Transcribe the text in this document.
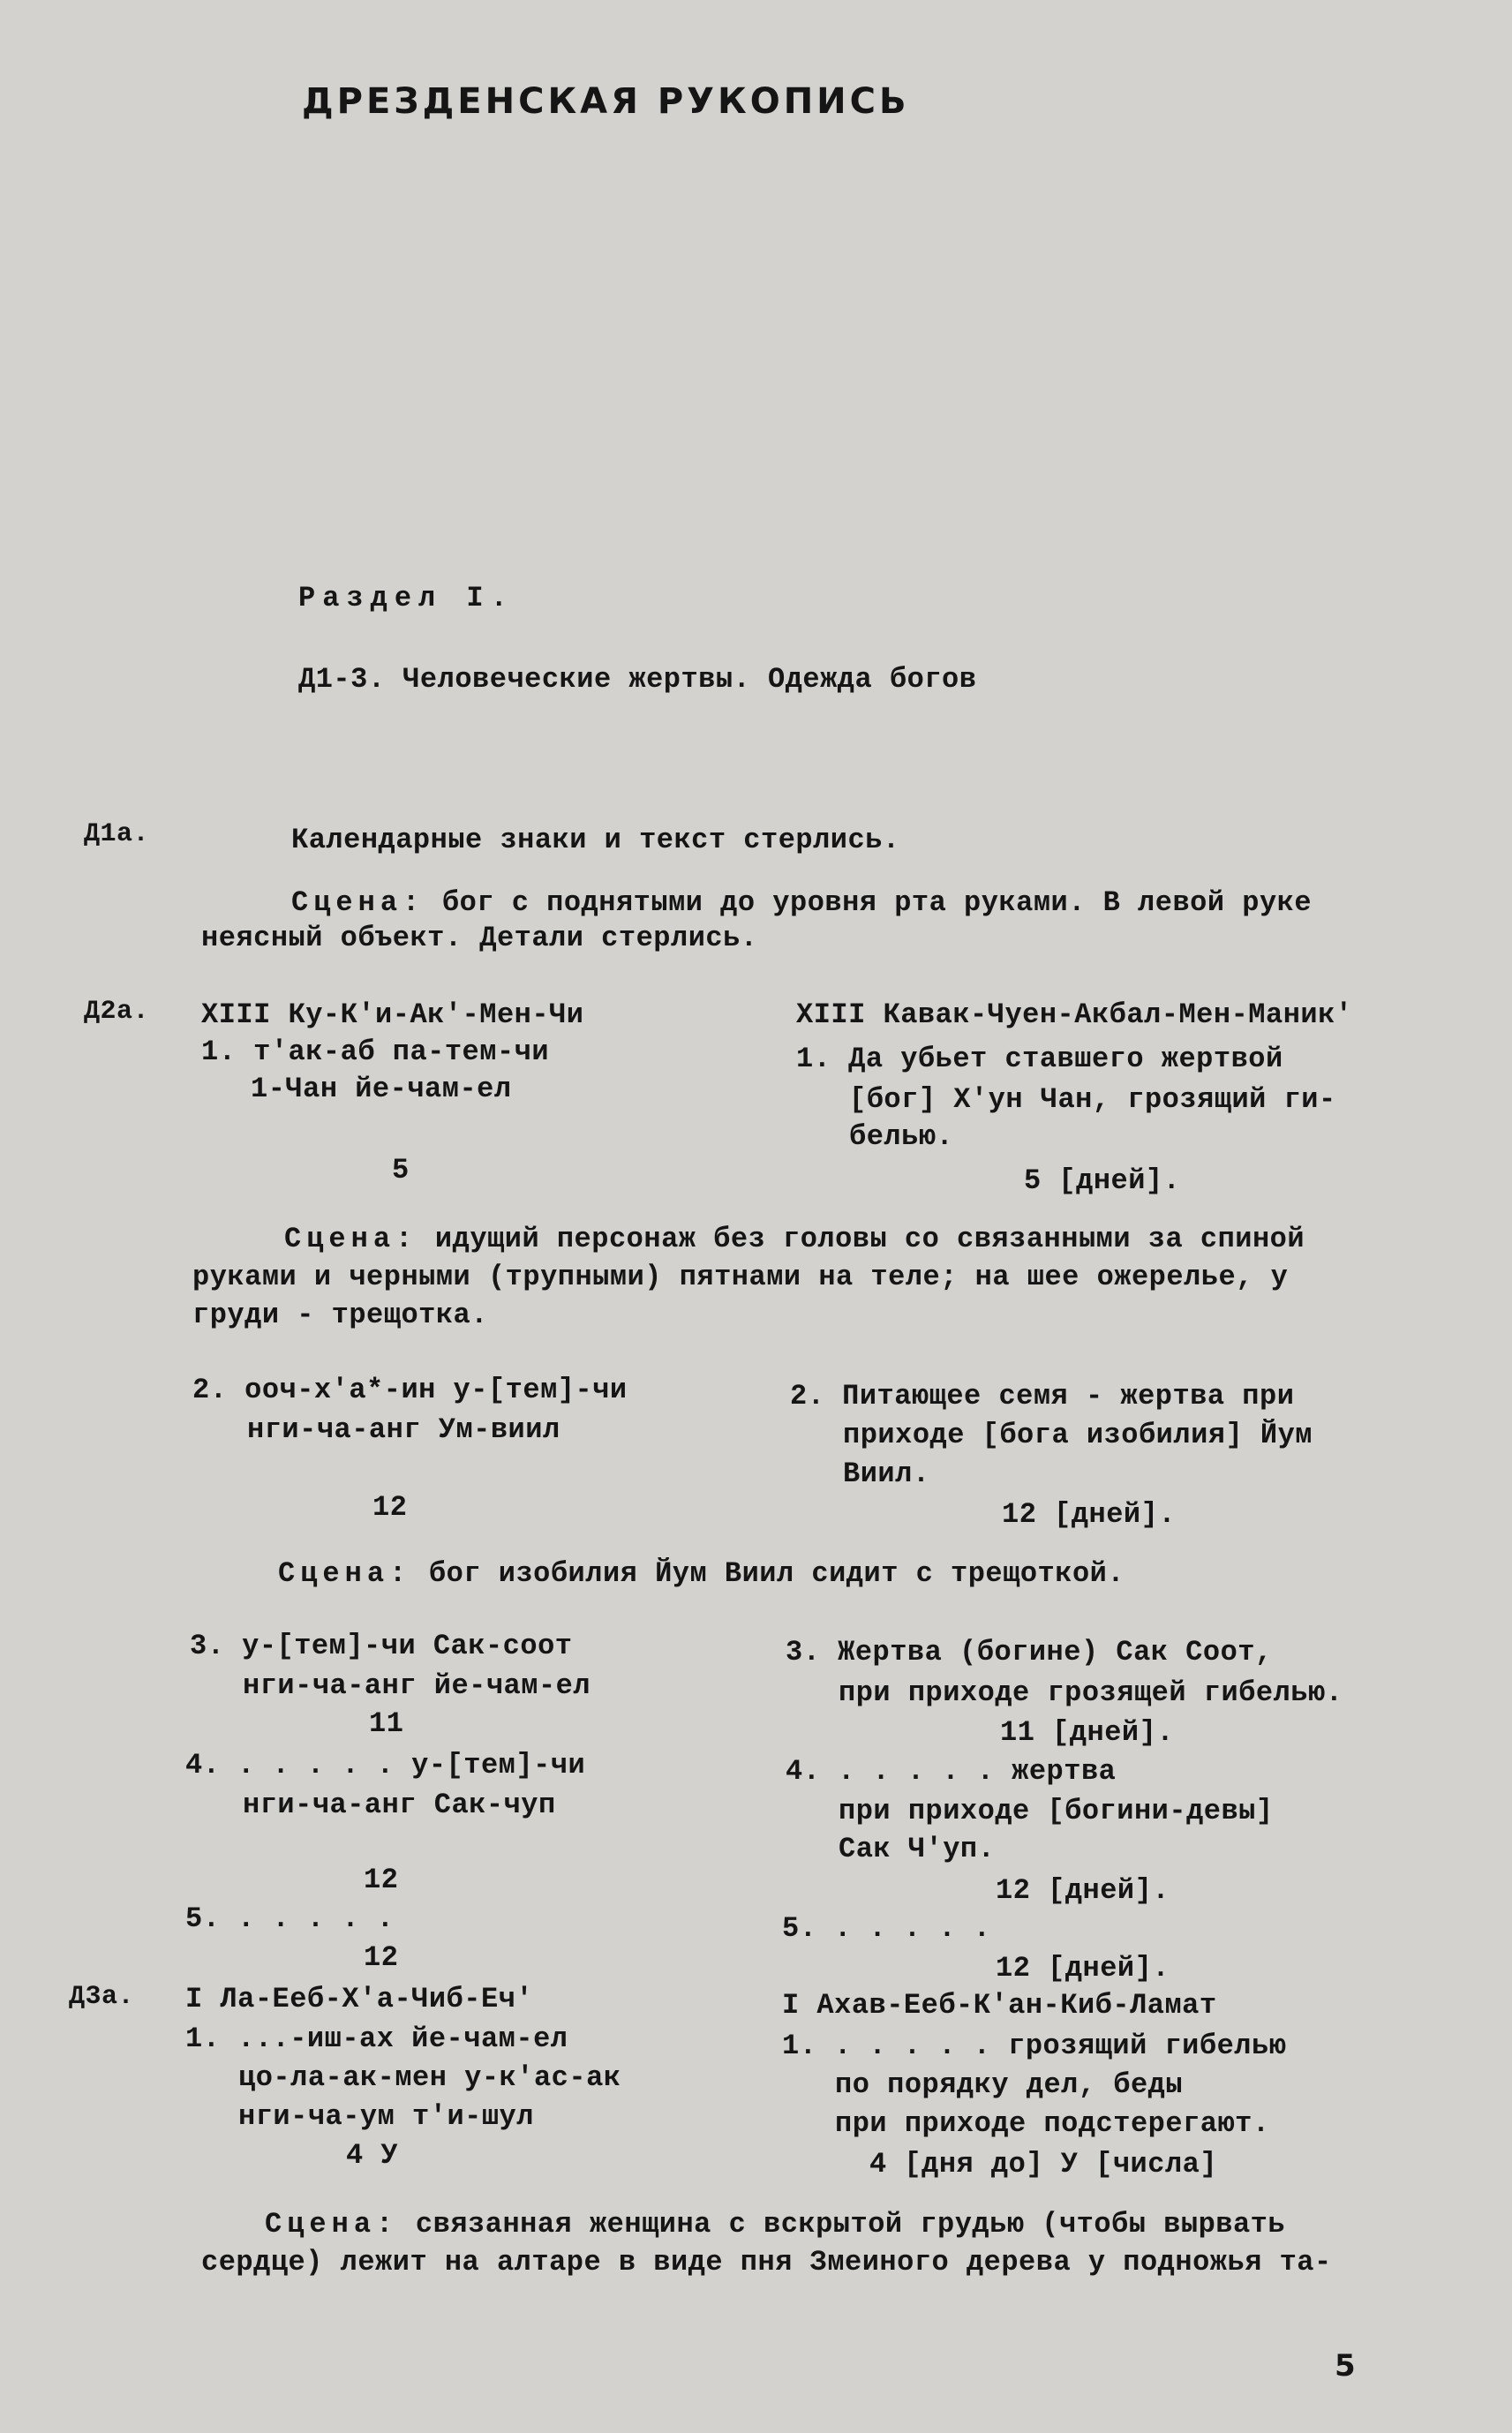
ДРЕЗДЕНСКАЯ РУКОПИСЬ
Раздел I.
Д1-3. Человеческие жертвы. Одежда богов
Д1а.	Календарные знаки и текст стерлись.
Сцена: бог с поднятыми до уровня рта руками. В левой руке
неясный объект. Детали стерлись.
Д2а. XIII Ку-К'и-Ак'-Мен-Чи
1. т'ак-аб па-тем-чи
1-Чан йе-чам-ел
5
XIII Кавак-Чуен-Акбал-Мен-Маник'
1. Да убьет ставшего жертвой
[бог] Х'ун Чан, грозящий ги-
белью.
5 [дней].
Сцена: идущий персонаж без головы со связанными за спиной
руками и черными (трупными) пятнами на теле; на шее ожерелье, у
груди - трещотка.
2. ооч-х'а*-ин у-[тем]-чи
нги-ча-анг Ум-виил
12
2. Питающее семя - жертва при
приходе [бога изобилия] Йум
Виил.
12 [дней].
Сцена: бог изобилия Йум Виил сидит с трещоткой.
3. у-[тем]-чи Сак-соот
нги-ча-анг йе-чам-ел
11
4. . . . . . у-[тем]-чи
нги-ча-анг Сак-чуп
12
5. . . . . .
12
3. Жертва (богине) Сак Соот,
при приходе грозящей гибелью.
11 [дней].
4. . . . . . жертва
при приходе [богини-девы]
Сак Ч'уп.
12 [дней].
5. . . . . .
12 [дней].
Д3а. I Ла-Ееб-Х'а-Чиб-Еч'
1. ...-иш-ах йе-чам-ел
цо-ла-ак-мен у-к'ас-ак
нги-ча-ум т'и-шул
4 У
I Ахав-Ееб-К'ан-Киб-Ламат
1. . . . . . грозящий гибелью
по порядку дел, беды
при приходе подстерегают.
4 [дня до] У [числа]
Сцена: связанная женщина с вскрытой грудью (чтобы вырвать
сердце) лежит на алтаре в виде пня Змеиного дерева у подножья та-
5
